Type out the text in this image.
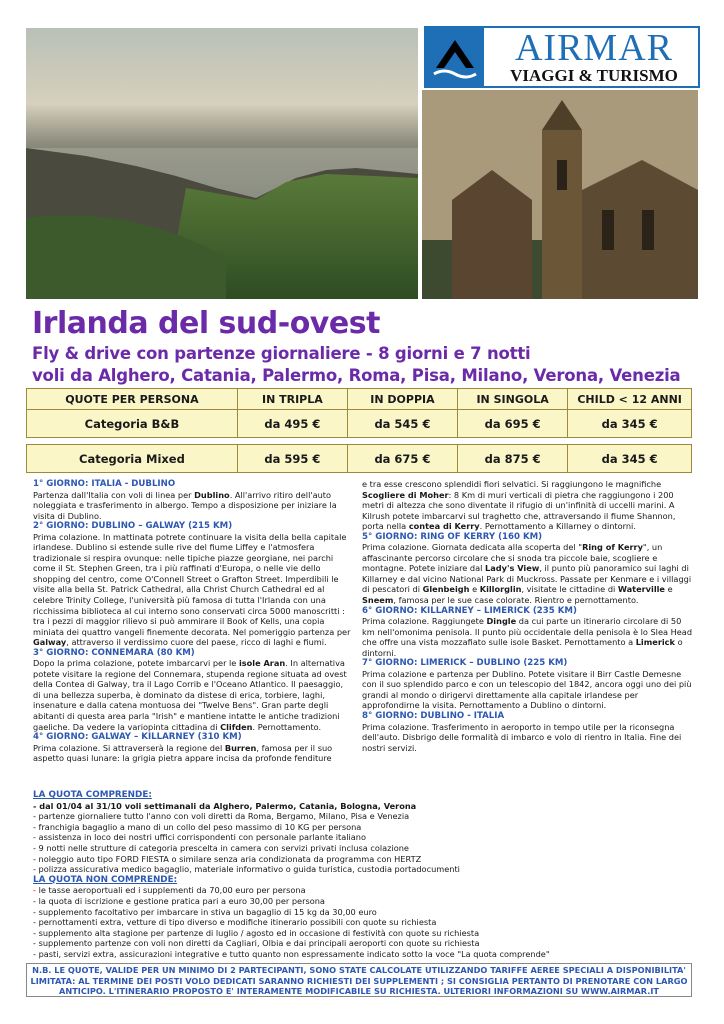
AIRMAR
VIAGGI & TURISMO
Irlanda del sud-ovest
Fly & drive con partenze giornaliere - 8 giorni e 7 notti
voli da Alghero, Catania, Palermo, Roma, Pisa, Milano, Verona, Venezia
QUOTE PER PERSONA	IN TRIPLA	IN DOPPIA	IN SINGOLA	CHILD < 12 ANNI
Categoria B&B	da 495 €	da 545 €	da 695 €	da 345 €

Categoria Mixed	da 595 €	da 675 €	da 875 €	da 345 €

1° GIORNO: ITALIA - DUBLINO

Partenza dall'Italia con voli di linea per Dublino. All'arrivo ritiro dell'auto noleggiata e trasferimento in albergo. Tempo a disposizione per iniziare la visita di Dublino.

2° GIORNO: DUBLINO – GALWAY (215 KM)

Prima colazione. In mattinata potrete continuare la visita della bella capitale irlandese. Dublino si estende sulle rive del fiume Liffey e l'atmosfera tradizionale si respira ovunque: nelle tipiche piazze georgiane, nei parchi come il St. Stephen Green, tra i più raffinati d'Europa, o nelle vie dello shopping del centro, come O'Connell Street o Grafton Street. Imperdibili le visite alla bella St. Patrick Cathedral, alla Christ Church Cathedral ed al celebre Trinity College, l'università più famosa di tutta l'Irlanda con una ricchissima biblioteca al cui interno sono conservati circa 5000 manoscritti : tra i pezzi di maggior rilievo si può ammirare il Book of Kells, una copia miniata dei quattro vangeli finemente decorata. Nel pomeriggio partenza per Galway, attraverso il verdissimo cuore del paese, ricco di laghi e fiumi.

3° GIORNO: CONNEMARA (80 KM)

Dopo la prima colazione, potete imbarcarvi per le isole Aran. In alternativa potete visitare la regione del Connemara, stupenda regione situata ad ovest della Contea di Galway, tra il Lago Corrib e l'Oceano Atlantico. Il paesaggio, di una bellezza superba, è dominato da distese di erica, torbiere, laghi, insenature e dalla catena montuosa dei "Twelve Bens". Gran parte degli abitanti di questa area parla "Irish" e mantiene intatte le antiche tradizioni gaeliche. Da vedere la variopinta cittadina di Clifden. Pernottamento.

4° GIORNO: GALWAY – KILLARNEY (310 KM)

Prima colazione. Si attraverserà la regione del Burren, famosa per il suo aspetto quasi lunare: la grigia pietra appare incisa da profonde fenditure

e tra esse crescono splendidi fiori selvatici. Si raggiungono le magnifiche Scogliere di Moher: 8 Km di muri verticali di pietra che raggiungono i 200 metri di altezza che sono diventate il rifugio di un'infinità di uccelli marini. A Kilrush potete imbarcarvi sul traghetto che, attraversando il fiume Shannon, porta nella contea di Kerry. Pernottamento a Killarney o dintorni.

5° GIORNO: RING OF KERRY (160 KM)

Prima colazione. Giornata dedicata alla scoperta del "Ring of Kerry", un affascinante percorso circolare che si snoda tra piccole baie, scogliere e montagne. Potete iniziare dal Lady's View, il punto più panoramico sui laghi di Killarney e dal vicino National Park di Muckross. Passate per Kenmare e i villaggi di pescatori di Glenbeigh e Killorglin, visitate le cittadine di Waterville e Sneem, famosa per le sue case colorate. Rientro e pernottamento.

6° GIORNO: KILLARNEY – LIMERICK (235 KM)

Prima colazione. Raggiungete Dingle da cui parte un itinerario circolare di 50 km nell'omonima penisola. Il punto più occidentale della penisola è lo Slea Head che offre una vista mozzafiato sulle isole Basket. Pernottamento a Limerick o dintorni.

7° GIORNO: LIMERICK – DUBLINO (225 KM)

Prima colazione e partenza per Dublino. Potete visitare il Birr Castle Demesne con il suo splendido parco e con un telescopio del 1842, ancora oggi uno dei più grandi al mondo o dirigervi direttamente alla capitale irlandese per approfondirne la visita. Pernottamento a Dublino o dintorni.

8° GIORNO: DUBLINO - ITALIA

Prima colazione. Trasferimento in aeroporto in tempo utile per la riconsegna dell'auto. Disbrigo delle formalità di imbarco e volo di rientro in Italia. Fine dei nostri servizi.

LA QUOTA COMPRENDE:

- dal 01/04 al 31/10 voli settimanali da Alghero, Palermo, Catania, Bologna, Verona

- partenze giornaliere tutto l'anno con voli diretti da Roma, Bergamo, Milano, Pisa e Venezia

- franchigia bagaglio a mano di un collo del peso massimo di 10 KG per persona

- assistenza in loco dei nostri uffici corrispondenti con personale parlante italiano

- 9 notti nelle strutture di categoria prescelta in camera con servizi privati inclusa colazione

- noleggio auto tipo FORD FIESTA o similare senza aria condizionata da programma con HERTZ

- polizza assicurativa medico bagaglio, materiale informativo o guida turistica, custodia portadocumenti

LA QUOTA NON COMPRENDE:

- le tasse aeroportuali ed i supplementi da 70,00 euro per persona

- la quota di iscrizione e gestione pratica pari a euro 30,00 per persona

- supplemento facoltativo per imbarcare in stiva un bagaglio di 15 kg da 30,00 euro

- pernottamenti extra, vetture di tipo diverso e modifiche itinerario possibili con quote su richiesta

- supplemento alta stagione per partenze di luglio / agosto ed in occasione di festività con quote su richiesta

- supplemento partenze con voli non diretti da Cagliari, Olbia e dai principali aeroporti con quote su richiesta

- pasti, servizi extra, assicurazioni integrative e tutto quanto non espressamente indicato sotto la voce "La quota comprende"

N.B. LE QUOTE, VALIDE PER UN MINIMO DI 2 PARTECIPANTI, SONO STATE CALCOLATE UTILIZZANDO TARIFFE AEREE SPECIALI A DISPONIBILITA'
LIMITATA: AL TERMINE DEI POSTI VOLO DEDICATI SARANNO RICHIESTI DEI SUPPLEMENTI ; SI CONSIGLIA PERTANTO DI PRENOTARE CON LARGO
ANTICIPO. L'ITINERARIO PROPOSTO E' INTERAMENTE MODIFICABILE SU RICHIESTA. ULTERIORI INFORMAZIONI SU WWW.AIRMAR.IT
